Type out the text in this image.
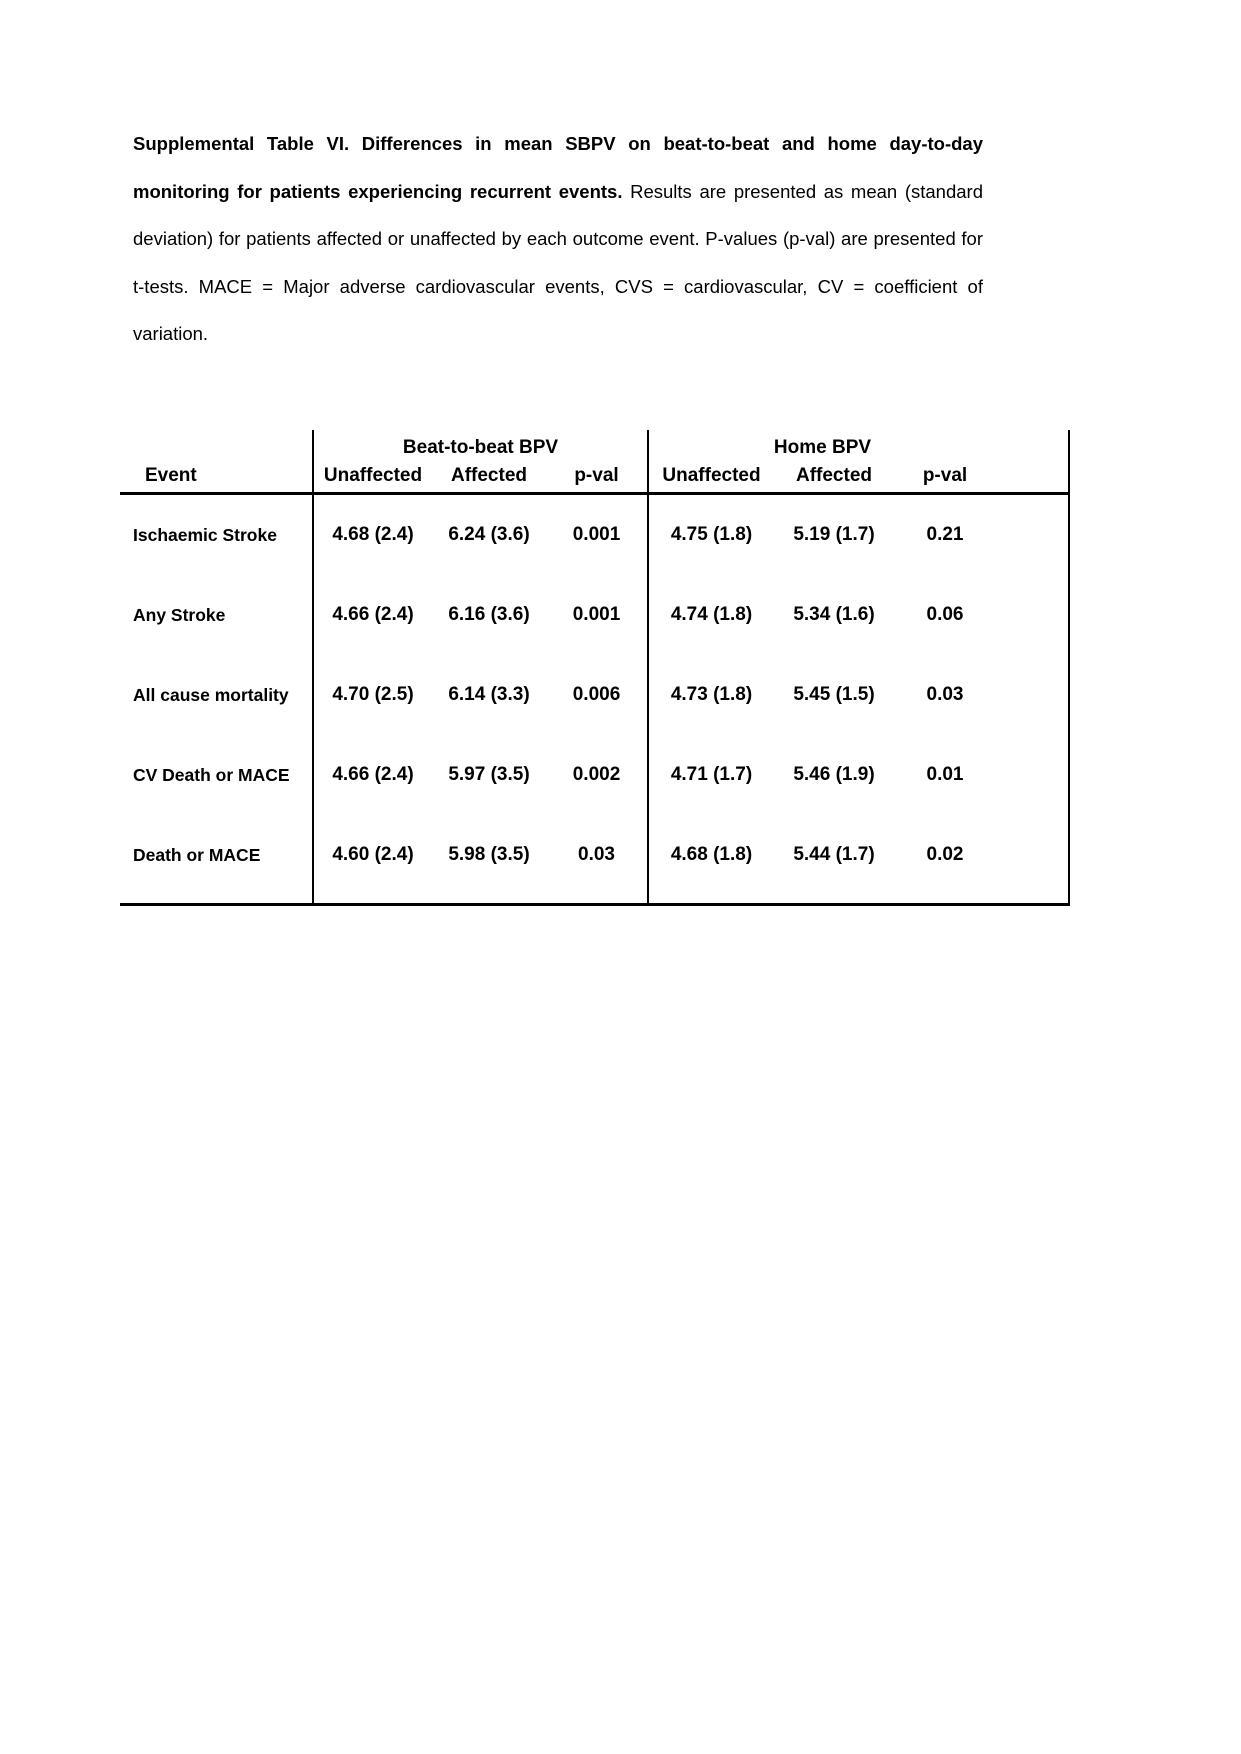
Supplemental Table VI. Differences in mean SBPV on beat-to-beat and home day-to-day monitoring for patients experiencing recurrent events. Results are presented as mean (standard deviation) for patients affected or unaffected by each outcome event. P-values (p-val) are presented for t-tests. MACE = Major adverse cardiovascular events, CVS = cardiovascular, CV = coefficient of variation.

Beat-to-beat BPV	Home BPV
Event	Unaffected	Affected	p-val	Unaffected	Affected	p-val
Ischaemic Stroke	4.68 (2.4)	6.24 (3.6)	0.001	4.75 (1.8)	5.19 (1.7)	0.21
Any Stroke	4.66 (2.4)	6.16 (3.6)	0.001	4.74 (1.8)	5.34 (1.6)	0.06
All cause mortality	4.70 (2.5)	6.14 (3.3)	0.006	4.73 (1.8)	5.45 (1.5)	0.03
CV Death or MACE	4.66 (2.4)	5.97 (3.5)	0.002	4.71 (1.7)	5.46 (1.9)	0.01
Death or MACE	4.60 (2.4)	5.98 (3.5)	0.03	4.68 (1.8)	5.44 (1.7)	0.02
